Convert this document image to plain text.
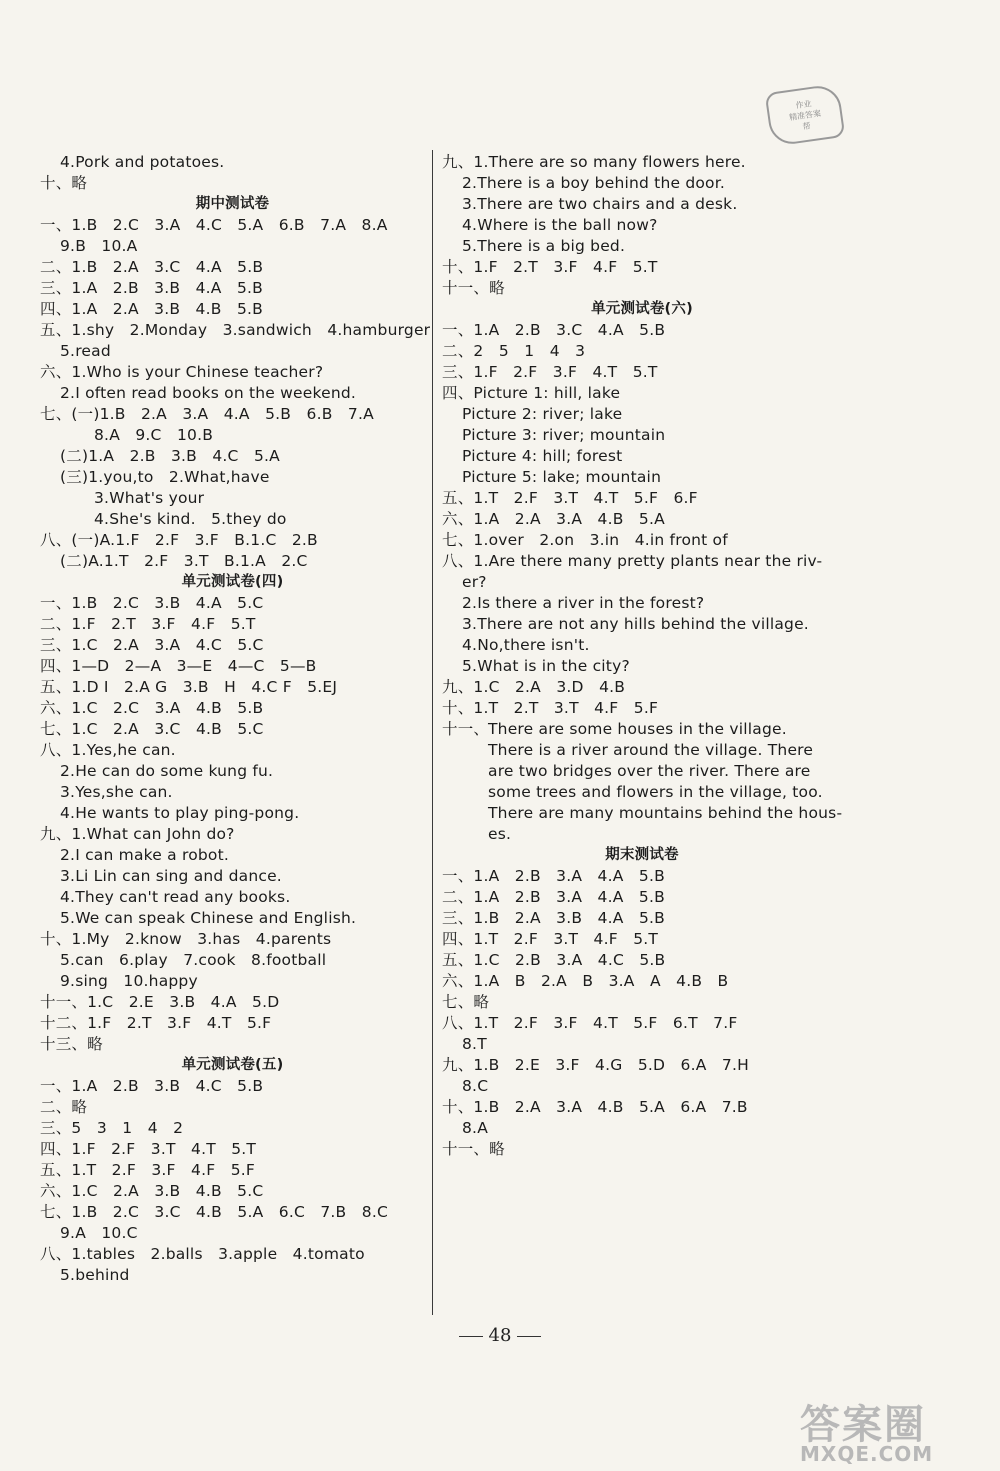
作业
精准答案
帮
4.Pork and potatoes.
十、略
期中测试卷
一、1.B   2.C   3.A   4.C   5.A   6.B   7.A   8.A
9.B   10.A
二、1.B   2.A   3.C   4.A   5.B
三、1.A   2.B   3.B   4.A   5.B
四、1.A   2.A   3.B   4.B   5.B
五、1.shy   2.Monday   3.sandwich   4.hamburger
5.read
六、1.Who is your Chinese teacher?
2.I often read books on the weekend.
七、(一)1.B   2.A   3.A   4.A   5.B   6.B   7.A
8.A   9.C   10.B
(二)1.A   2.B   3.B   4.C   5.A
(三)1.you,to   2.What,have
3.What's your
4.She's kind.   5.they do
八、(一)A.1.F   2.F   3.F   B.1.C   2.B
(二)A.1.T   2.F   3.T   B.1.A   2.C
单元测试卷(四)
一、1.B   2.C   3.B   4.A   5.C
二、1.F   2.T   3.F   4.F   5.T
三、1.C   2.A   3.A   4.C   5.C
四、1—D   2—A   3—E   4—C   5—B
五、1.D I   2.A G   3.B   H   4.C F   5.EJ
六、1.C   2.C   3.A   4.B   5.B
七、1.C   2.A   3.C   4.B   5.C
八、1.Yes,he can.
2.He can do some kung fu.
3.Yes,she can.
4.He wants to play ping-pong.
九、1.What can John do?
2.I can make a robot.
3.Li Lin can sing and dance.
4.They can't read any books.
5.We can speak Chinese and English.
十、1.My   2.know   3.has   4.parents
5.can   6.play   7.cook   8.football
9.sing   10.happy
十一、1.C   2.E   3.B   4.A   5.D
十二、1.F   2.T   3.F   4.T   5.F
十三、略
单元测试卷(五)
一、1.A   2.B   3.B   4.C   5.B
二、略
三、5   3   1   4   2
四、1.F   2.F   3.T   4.T   5.T
五、1.T   2.F   3.F   4.F   5.F
六、1.C   2.A   3.B   4.B   5.C
七、1.B   2.C   3.C   4.B   5.A   6.C   7.B   8.C
9.A   10.C
八、1.tables   2.balls   3.apple   4.tomato
5.behind
九、1.There are so many flowers here.
2.There is a boy behind the door.
3.There are two chairs and a desk.
4.Where is the ball now?
5.There is a big bed.
十、1.F   2.T   3.F   4.F   5.T
十一、略
单元测试卷(六)
一、1.A   2.B   3.C   4.A   5.B
二、2   5   1   4   3
三、1.F   2.F   3.F   4.T   5.T
四、Picture 1: hill, lake
Picture 2: river; lake
Picture 3: river; mountain
Picture 4: hill; forest
Picture 5: lake; mountain
五、1.T   2.F   3.T   4.T   5.F   6.F
六、1.A   2.A   3.A   4.B   5.A
七、1.over   2.on   3.in   4.in front of
八、1.Are there many pretty plants near the riv-
er?
2.Is there a river in the forest?
3.There are not any hills behind the village.
4.No,there isn't.
5.What is in the city?
九、1.C   2.A   3.D   4.B
十、1.T   2.T   3.T   4.F   5.F
十一、
There are some houses in the village.
There is a river around the village. There
are two bridges over the river. There are
some trees and flowers in the village, too.
There are many mountains behind the hous-
es.
期末测试卷
一、1.A   2.B   3.A   4.A   5.B
二、1.A   2.B   3.A   4.A   5.B
三、1.B   2.A   3.B   4.A   5.B
四、1.T   2.F   3.T   4.F   5.T
五、1.C   2.B   3.A   4.C   5.B
六、1.A   B   2.A   B   3.A   A   4.B   B
七、略
八、1.T   2.F   3.F   4.T   5.F   6.T   7.F
8.T
九、1.B   2.E   3.F   4.G   5.D   6.A   7.H
8.C
十、1.B   2.A   3.A   4.B   5.A   6.A   7.B
8.A
十一、略
48
答案圈
MXQE.COM
